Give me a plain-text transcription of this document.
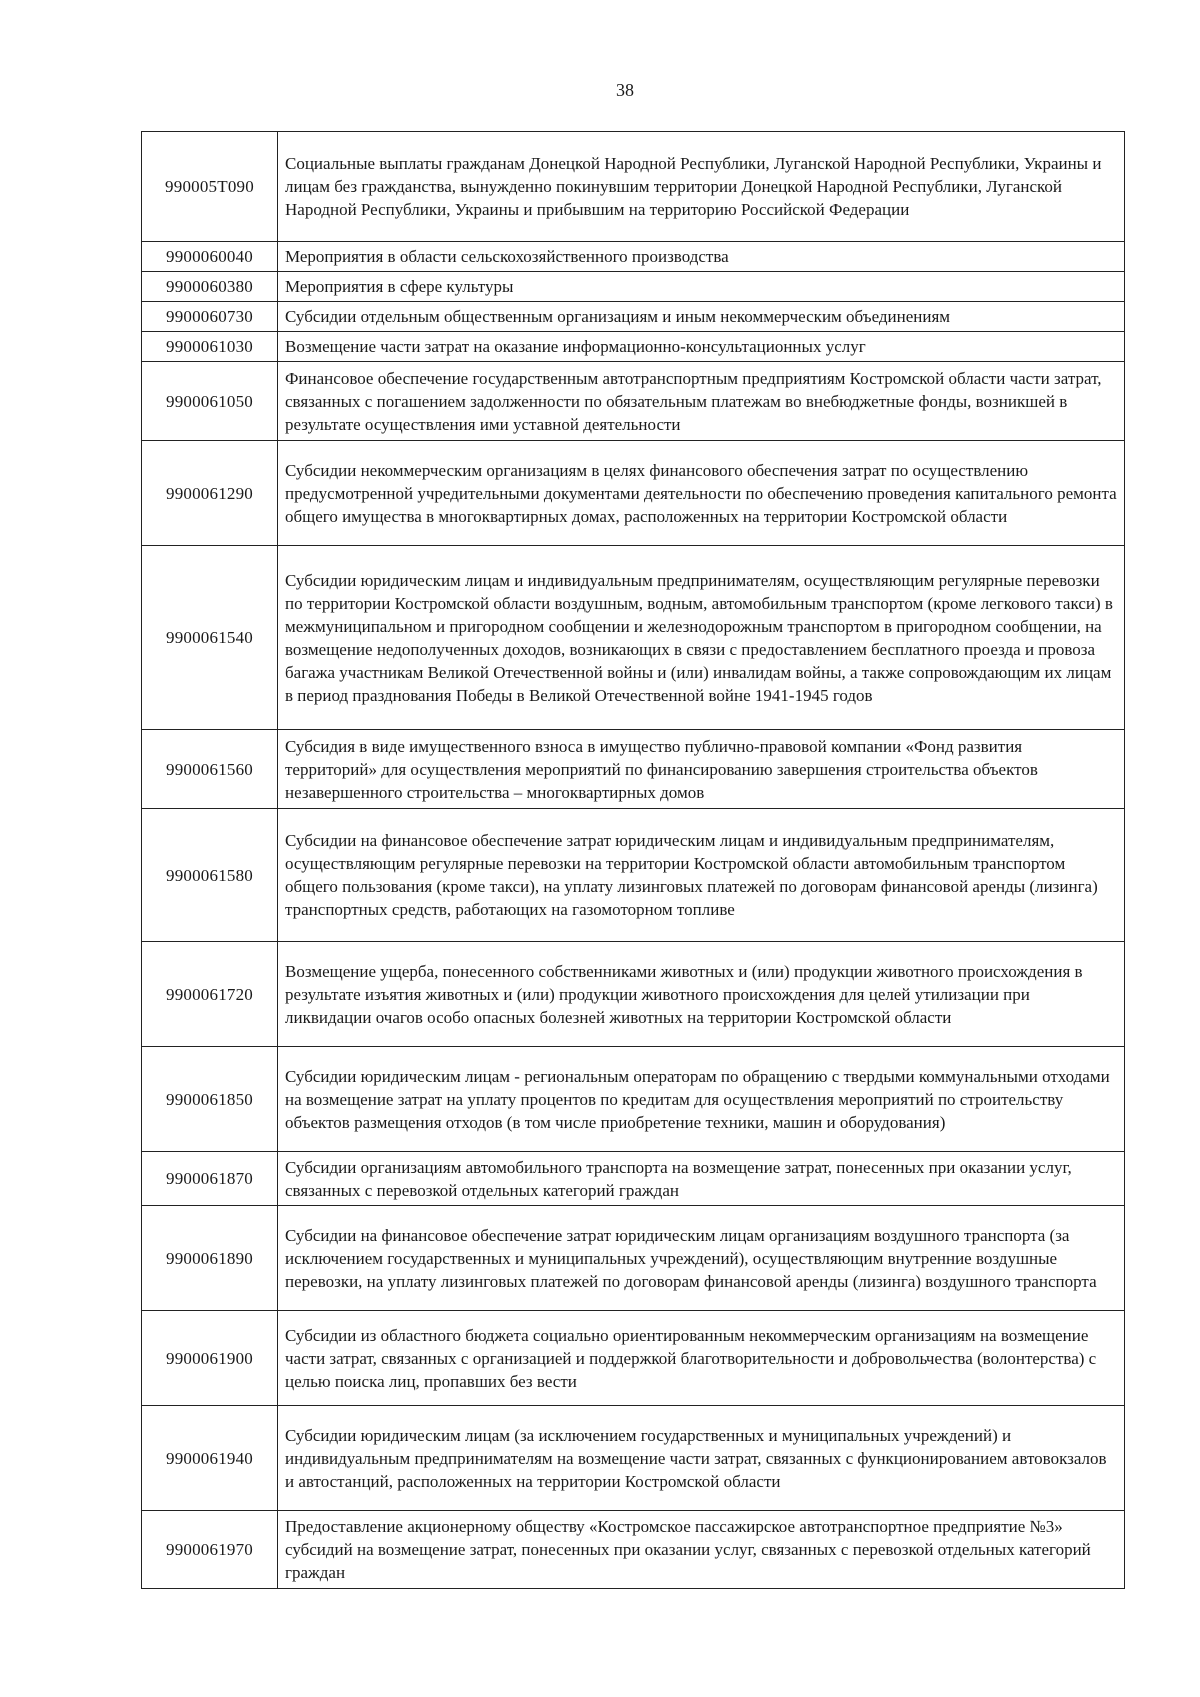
38
990005T090	Социальные выплаты гражданам Донецкой Народной Республики, Луганской Народной Республики, Украины и лицам без гражданства, вынужденно покинувшим территории Донецкой Народной Республики, Луганской Народной Республики, Украины и прибывшим на территорию Российской Федерации
9900060040	Мероприятия в области сельскохозяйственного производства
9900060380	Мероприятия в сфере культуры
9900060730	Субсидии отдельным общественным организациям и иным некоммерческим объединениям
9900061030	Возмещение части затрат на оказание информационно-консультационных услуг
9900061050	Финансовое обеспечение государственным автотранспортным предприятиям Костромской области части затрат, связанных с погашением задолженности по обязательным платежам во внебюджетные фонды, возникшей в результате осуществления ими уставной деятельности
9900061290	Субсидии некоммерческим организациям в целях финансового обеспечения затрат по осуществлению предусмотренной учредительными документами деятельности по обеспечению проведения капитального ремонта общего имущества в многоквартирных домах, расположенных на территории Костромской области
9900061540	Субсидии юридическим лицам и индивидуальным предпринимателям, осуществляющим регулярные перевозки по территории Костромской области воздушным, водным, автомобильным транспортом (кроме легкового такси) в межмуниципальном и пригородном сообщении и железнодорожным транспортом в пригородном сообщении, на возмещение недополученных доходов, возникающих в связи с предоставлением бесплатного проезда и провоза багажа участникам Великой Отечественной войны и (или) инвалидам войны, а также сопровождающим их лицам в период празднования Победы в Великой Отечественной войне 1941-1945 годов
9900061560	Субсидия в виде имущественного взноса в имущество публично-правовой компании «Фонд развития территорий» для осуществления мероприятий по финансированию завершения строительства объектов незавершенного строительства – многоквартирных домов
9900061580	Субсидии на финансовое обеспечение затрат юридическим лицам и индивидуальным предпринимателям, осуществляющим регулярные перевозки на территории Костромской области автомобильным транспортом общего пользования (кроме такси), на уплату лизинговых платежей по договорам финансовой аренды (лизинга) транспортных средств, работающих на газомоторном топливе
9900061720	Возмещение ущерба, понесенного собственниками животных и (или) продукции животного происхождения в результате изъятия животных и (или) продукции животного происхождения для целей утилизации при ликвидации очагов особо опасных болезней животных на территории Костромской области
9900061850	Субсидии юридическим лицам - региональным операторам по обращению с твердыми коммунальными отходами на возмещение затрат на уплату процентов по кредитам для осуществления мероприятий по строительству объектов размещения отходов (в том числе приобретение техники, машин и оборудования)
9900061870	Субсидии организациям автомобильного транспорта на возмещение затрат, понесенных при оказании услуг, связанных с перевозкой отдельных категорий граждан
9900061890	Субсидии на финансовое обеспечение затрат юридическим лицам организациям воздушного транспорта (за исключением государственных и муниципальных учреждений), осуществляющим внутренние воздушные перевозки, на уплату лизинговых платежей по договорам финансовой аренды (лизинга) воздушного транспорта
9900061900	Субсидии из областного бюджета социально ориентированным некоммерческим организациям на возмещение части затрат, связанных с организацией и поддержкой благотворительности и добровольчества (волонтерства) с целью поиска лиц, пропавших без вести
9900061940	Субсидии юридическим лицам (за исключением государственных и муниципальных учреждений) и индивидуальным предпринимателям на возмещение части затрат, связанных с функционированием автовокзалов и автостанций, расположенных на территории Костромской области
9900061970	Предоставление акционерному обществу «Костромское пассажирское автотранспортное предприятие №3» субсидий на возмещение затрат, понесенных при оказании услуг, связанных с перевозкой отдельных категорий граждан
